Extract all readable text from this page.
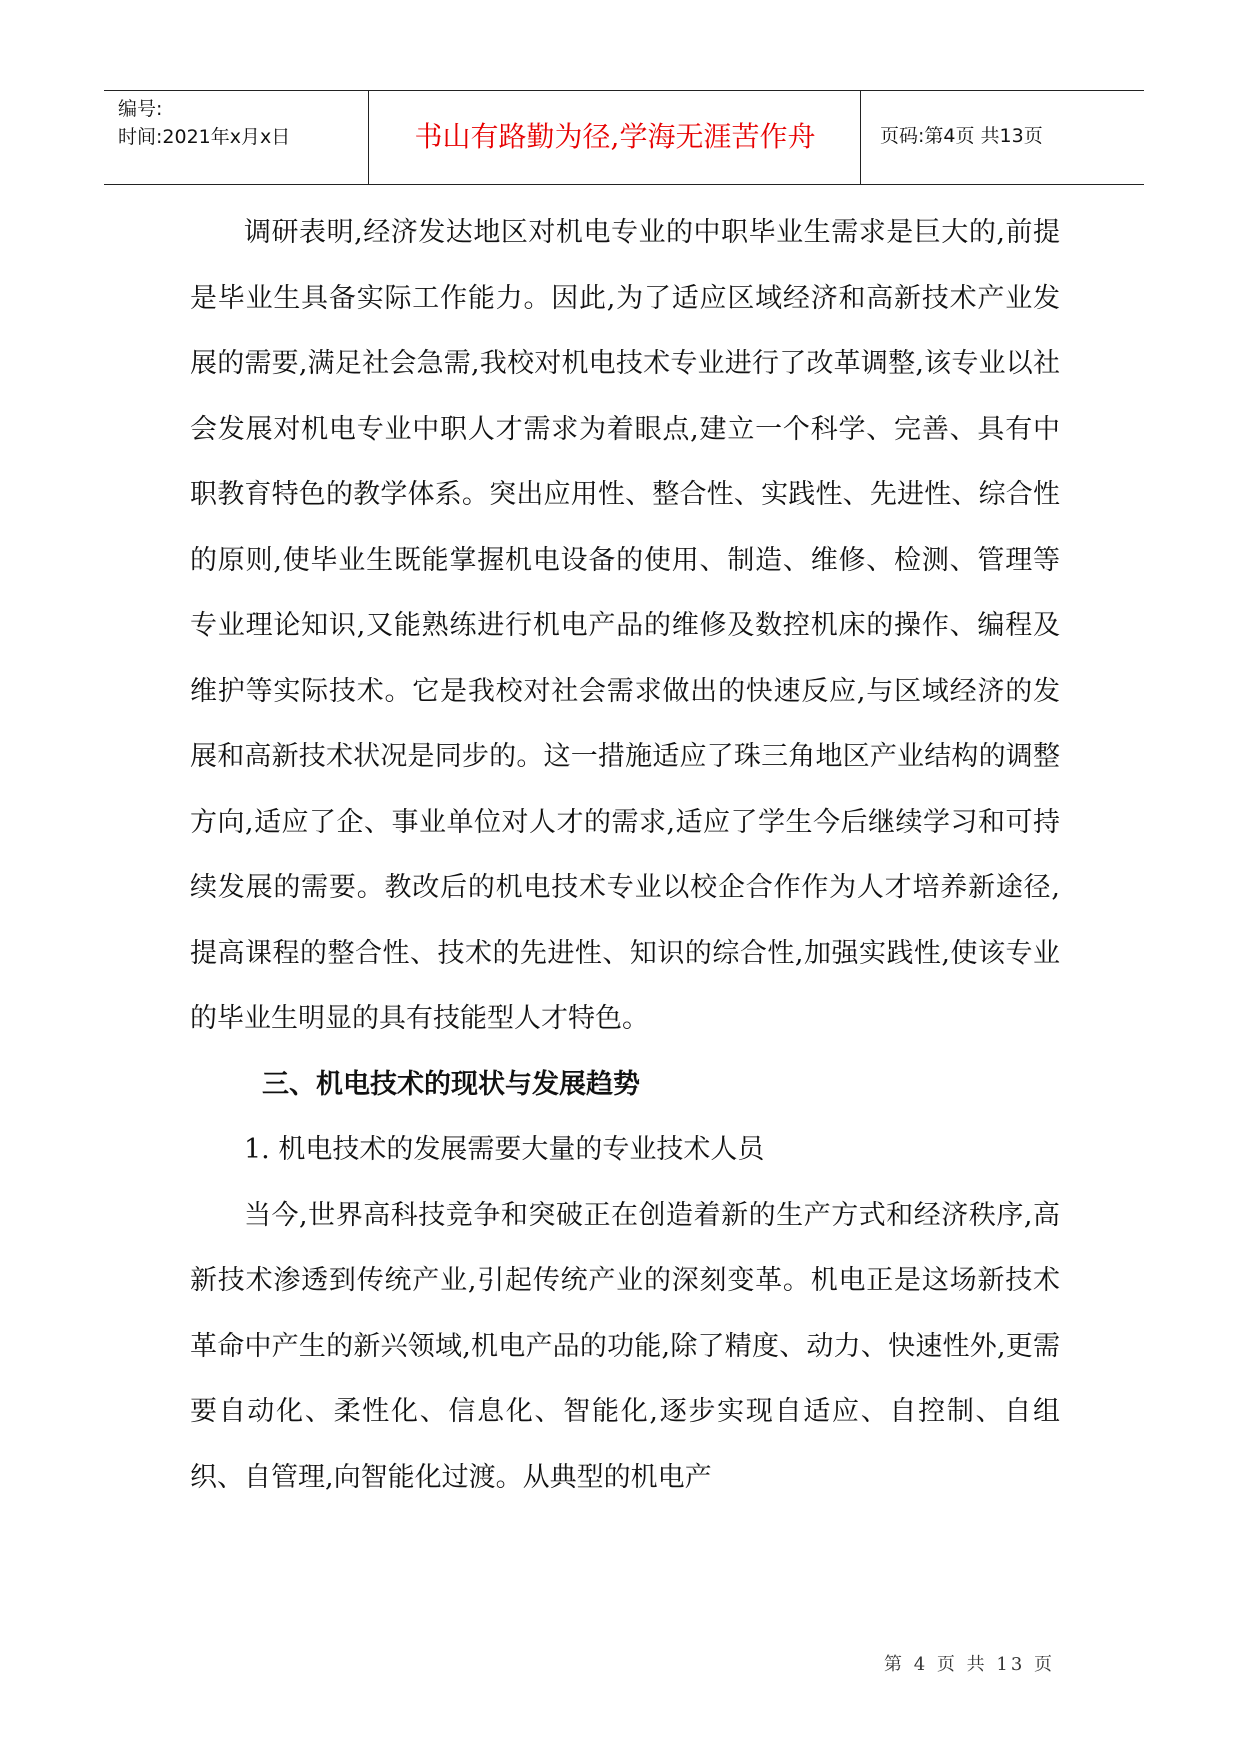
编号:
时间:2021年x月x日	书山有路勤为径,学海无涯苦作舟	页码:第4页 共13页

调研表明,经济发达地区对机电专业的中职毕业生需求是巨大的,前提是毕业生具备实际工作能力。因此,为了适应区域经济和高新技术产业发展的需要,满足社会急需,我校对机电技术专业进行了改革调整,该专业以社会发展对机电专业中职人才需求为着眼点,建立一个科学、完善、具有中职教育特色的教学体系。突出应用性、整合性、实践性、先进性、综合性的原则,使毕业生既能掌握机电设备的使用、制造、维修、检测、管理等专业理论知识,又能熟练进行机电产品的维修及数控机床的操作、编程及维护等实际技术。它是我校对社会需求做出的快速反应,与区域经济的发展和高新技术状况是同步的。这一措施适应了珠三角地区产业结构的调整方向,适应了企、事业单位对人才的需求,适应了学生今后继续学习和可持续发展的需要。教改后的机电技术专业以校企合作作为人才培养新途径,提高课程的整合性、技术的先进性、知识的综合性,加强实践性,使该专业的毕业生明显的具有技能型人才特色。

三、机电技术的现状与发展趋势

1. 机电技术的发展需要大量的专业技术人员

当今,世界高科技竞争和突破正在创造着新的生产方式和经济秩序,高新技术渗透到传统产业,引起传统产业的深刻变革。机电正是这场新技术革命中产生的新兴领域,机电产品的功能,除了精度、动力、快速性外,更需要自动化、柔性化、信息化、智能化,逐步实现自适应、自控制、自组织、自管理,向智能化过渡。从典型的机电产

第 4 页 共 13 页
